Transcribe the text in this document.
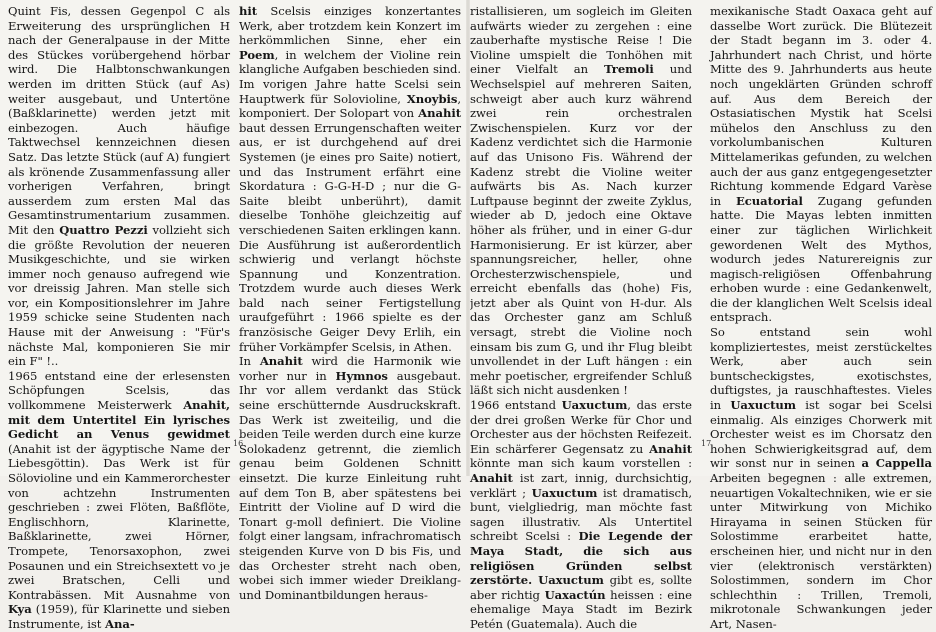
Quint Fis, dessen Gegenpol C als Erweiterung des ursprünglichen H nach der Generalpause in der Mitte des Stückes vorübergehend hörbar wird. Die Halbtonschwankungen werden im dritten Stück (auf As) weiter ausgebaut, und Untertöne (Baßklarinette) werden jetzt mit einbezogen. Auch häufige Taktwechsel kennzeichnen diesen Satz. Das letzte Stück (auf A) fungiert als krönende Zusammenfassung aller vorherigen Verfahren, bringt ausserdem zum ersten Mal das Gesamtinstrumentarium zusammen. Mit den Quattro Pezzi vollzieht sich die größte Revolution der neueren Musikgeschichte, und sie wirken immer noch genauso aufregend wie vor dreissig Jahren. Man stelle sich vor, ein Kompositionslehrer im Jahre 1959 schicke seine Studenten nach Hause mit der Anweisung : "Für's nächste Mal, komponieren Sie mir ein F" !..

1965 entstand eine der erlesensten Schöpfungen Scelsis, das vollkommene Meisterwerk Anahit, mit dem Untertitel Ein lyrisches Gedicht an Venus gewidmet (Anahit ist der ägyptische Name der Liebesgöttin). Das Werk ist für Sölovioline und ein Kammerorchester von achtzehn Instrumenten geschrieben : zwei Flöten, Baßflöte, Englischhorn, Klarinette, Baßklarinette, zwei Hörner, Trompete, Tenorsaxophon, zwei Posaunen und ein Streichsextett vo je zwei Bratschen, Celli und Kontrabässen. Mit Ausnahme von Kya (1959), für Klarinette und sieben Instrumente, ist Ana-

hit Scelsis einziges konzertantes Werk, aber trotzdem kein Konzert im herkömmlichen Sinne, eher ein Poem, in welchem der Violine rein klangliche Aufgaben beschieden sind. Im vorigen Jahre hatte Scelsi sein Hauptwerk für Solovioline, Xnoybis, komponiert. Der Solopart von Anahit baut dessen Errungenschaften weiter aus, er ist durchgehend auf drei Systemen (je eines pro Saite) notiert, und das Instrument erfährt eine Skordatura : G-G-H-D ; nur die G-Saite bleibt unberührt), damit dieselbe Tonhöhe gleichzeitig auf verschiedenen Saiten erklingen kann. Die Ausführung ist außerordentlich schwierig und verlangt höchste Spannung und Konzentration. Trotzdem wurde auch dieses Werk bald nach seiner Fertigstellung uraufgeführt : 1966 spielte es der französische Geiger Devy Erlih, ein früher Vorkämpfer Scelsis, in Athen.

In Anahit wird die Harmonik wie vorher nur in Hymnos ausgebaut. Ihr vor allem verdankt das Stück seine erschütternde Ausdruckskraft. Das Werk ist zweiteilig, und die beiden Teile werden durch eine kurze Solokadenz getrennt, die ziemlich genau beim Goldenen Schnitt einsetzt. Die kurze Einleitung ruht auf dem Ton B, aber spätestens bei Eintritt der Violine auf D wird die Tonart g-moll definiert. Die Violine folgt einer langsam, infrachromatisch steigenden Kurve von D bis Fis, und das Orchester streht nach oben, wobei sich immer wieder Dreiklang- und Dominantbildungen heraus-

16

ristallisieren, um sogleich im Gleiten aufwärts wieder zu zergehen : eine zauberhafte mystische Reise ! Die Violine umspielt die Tonhöhen mit einer Vielfalt an Tremoli und Wechselspiel auf mehreren Saiten, schweigt aber auch kurz während zwei rein orchestralen Zwischenspielen. Kurz vor der Kadenz verdichtet sich die Harmonie auf das Unisono Fis. Während der Kadenz strebt die Violine weiter aufwärts bis As. Nach kurzer Luftpause beginnt der zweite Zyklus, wieder ab D, jedoch eine Oktave höher als früher, und in einer G-dur Harmonisierung. Er ist kürzer, aber spannungsreicher, heller, ohne Orchesterzwischenspiele, und erreicht ebenfalls das (hohe) Fis, jetzt aber als Quint von H-dur. Als das Orchester ganz am Schluß versagt, strebt die Violine noch einsam bis zum G, und ihr Flug bleibt unvollendet in der Luft hängen : ein mehr poetischer, ergreifender Schluß läßt sich nicht ausdenken !

1966 entstand Uaxuctum, das erste der drei großen Werke für Chor und Orchester aus der höchsten Reifezeit. Ein schärferer Gegensatz zu Anahit könnte man sich kaum vorstellen : Anahit ist zart, innig, durchsichtig, verklärt ; Uaxuctum ist dramatisch, bunt, vielgliedrig, man möchte fast sagen illustrativ. Als Untertitel schreibt Scelsi : Die Legende der Maya Stadt, die sich aus religiösen Gründen selbst zerstörte. Uaxuctum gibt es, sollte aber richtig Uaxactún heissen : eine ehemalige Maya Stadt im Bezirk Petén (Guatemala). Auch die

mexikanische Stadt Oaxaca geht auf dasselbe Wort zurück. Die Blütezeit der Stadt begann im 3. oder 4. Jahrhundert nach Christ, und hörte Mitte des 9. Jahrhunderts aus heute noch ungeklärten Gründen schroff auf. Aus dem Bereich der Ostasiatischen Mystik hat Scelsi mühelos den Anschluss zu den vorkolumbanischen Kulturen Mittelamerikas gefunden, zu welchen auch der aus ganz entgegengesetzter Richtung kommende Edgard Varèse in Ecuatorial Zugang gefunden hatte. Die Mayas lebten inmitten einer zur täglichen Wirlichkeit gewordenen Welt des Mythos, wodurch jedes Naturereignis zur magisch-religiösen Offenbahrung erhoben wurde : eine Gedankenwelt, die der klanglichen Welt Scelsis ideal entsprach.

So entstand sein wohl kompliziertestes, meist zerstückeltes Werk, aber auch sein buntscheckigstes, exotischstes, duftigstes, ja rauschhaftestes. Vieles in Uaxuctum ist sogar bei Scelsi einmalig. Als einziges Chorwerk mit Orchester weist es im Chorsatz den hohen Schwierigkeitsgrad auf, dem wir sonst nur in seinen a Cappella Arbeiten begegnen : alle extremen, neuartigen Vokaltechniken, wie er sie unter Mitwirkung von Michiko Hirayama in seinen Stücken für Solostimme erarbeitet hatte, erscheinen hier, und nicht nur in den vier (elektronisch verstärkten) Solostimmen, sondern im Chor schlechthin : Trillen, Tremoli, mikrotonale Schwankungen jeder Art, Nasen-

17
